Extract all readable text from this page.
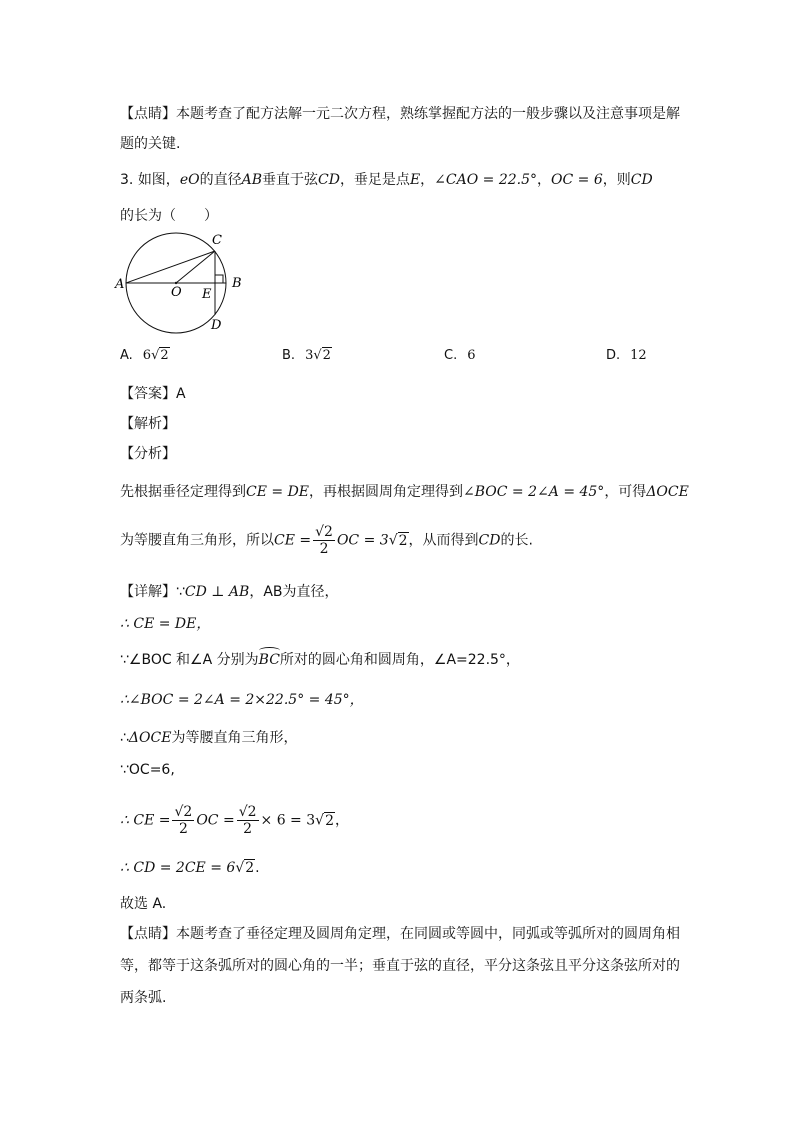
【点睛】本题考查了配方法解一元二次方程，熟练掌握配方法的一般步骤以及注意事项是解
题的关键.
3. 如图，eO的直径AB垂直于弦CD，垂足是点E，∠CAO = 22.5°，OC = 6，则CD
的长为（　　）
A	B
C
D
O E
A. 6√2	B. 3√2	C. 6	D. 12
【答案】A
【解析】
【分析】
先根据垂径定理得到CE = DE，再根据圆周角定理得到∠BOC = 2∠A = 45°，可得ΔOCE
为等腰直角三角形，所以CE = $\frac{√2}{2}$ OC = 3√2，从而得到CD的长.
【详解】∵CD ⊥ AB，AB为直径，
∴ CE = DE，
∵∠BOC 和∠A 分别为BC所对的圆心角和圆周角，∠A=22.5°，
∴∠BOC = 2∠A = 2×22.5° = 45°，
∴ΔOCE为等腰直角三角形，
∵OC=6,
∴ CE = $\frac{√2}{2}$ OC = $\frac{√2}{2} \times 6 = 3√2$，
∴ CD = 2CE = 6√2.
故选 A.
【点睛】本题考查了垂径定理及圆周角定理，在同圆或等圆中，同弧或等弧所对的圆周角相
等，都等于这条弧所对的圆心角的一半；垂直于弦的直径，平分这条弦且平分这条弦所对的
两条弧.
